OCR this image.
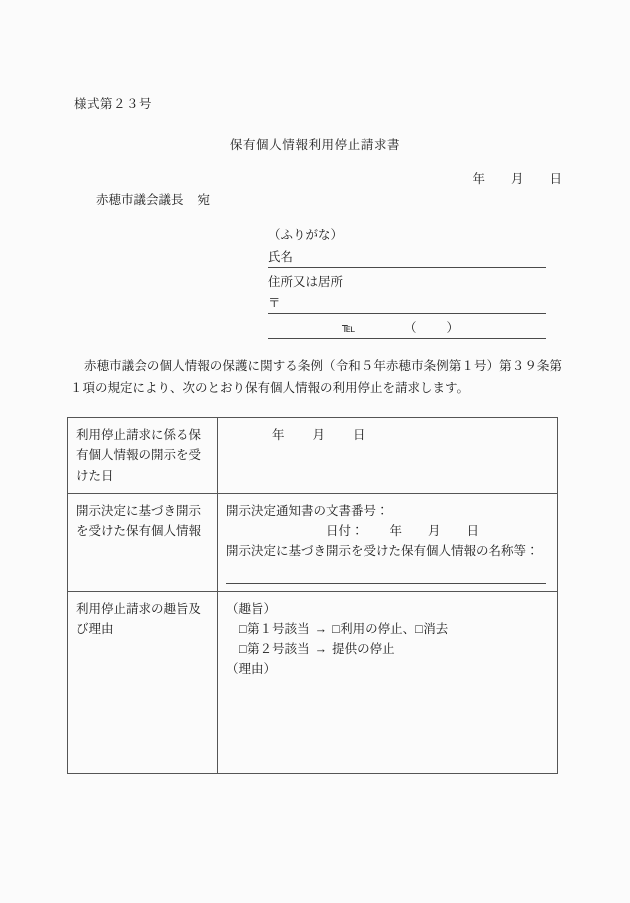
様式第２３号
保有個人情報利用停止請求書
年 月 日
赤穂市議会議長 宛
（ふりがな）
氏名
住所又は居所
〒
℡	（ ）
赤穂市議会の個人情報の保護に関する条例（令和５年赤穂市条例第１号）第３９条第１項の規定により、次のとおり保有個人情報の利用停止を請求します。
利用停止請求に係る保有個人情報の開示を受けた日	年 月 日

開示決定に基づき開示を受けた保有個人情報	開示決定通知書の文書番号：
日付： 年 月 日
開示決定に基づき開示を受けた保有個人情報の名称等：

利用停止請求の趣旨及び理由	（趣旨）
□第１号該当 → □利用の停止、□消去
□第２号該当 → 提供の停止
（理由）
